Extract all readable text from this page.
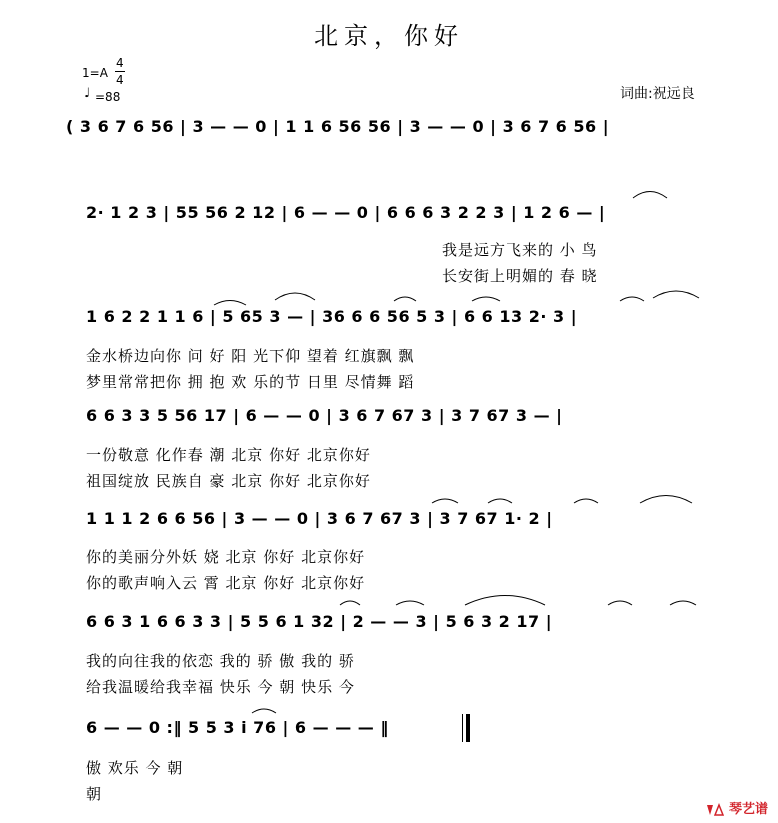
北京，你好
1=A
4
4
♩ =88	词曲:祝远良
( 3 6 7 6 56 | 3 — — 0 | 1 1 6 56 56 | 3 — — 0 | 3 6 7 6 56 |
2· 1 2 3 | 55 56 2 12 | 6 — — 0 | 6 6 6 3 2 2 3 | 1 2 6 — |
我是远方飞来的 小 鸟
长安街上明媚的 春 晓
1 6 2 2 1 1 6 | 5 65 3 — | 36 6 6 56 5 3 | 6 6 13 2· 3 |
金水桥边向你 问 好 阳 光下仰 望着 红旗飘 飘
梦里常常把你 拥 抱 欢 乐的节 日里 尽情舞 蹈
6 6 3 3 5 56 17 | 6 — — 0 | 3 6 7 67 3 | 3 7 67 3 — |
一份敬意 化作春 潮 北京 你好 北京你好
祖国绽放 民族自 豪 北京 你好 北京你好
1 1 1 2 6 6 56 | 3 — — 0 | 3 6 7 67 3 | 3 7 67 1· 2 |
你的美丽分外妖 娆 北京 你好 北京你好
你的歌声响入云 霄 北京 你好 北京你好
6 6 3 1 6 6 3 3 | 5 5 6 1 32 | 2 — — 3 | 5 6 3 2 17 |
我的向往我的依恋 我的 骄 傲 我的 骄
给我温暖给我幸福 快乐 今 朝 快乐 今
6 — — 0 :‖ 5 5 3 i 76 | 6 — — — ‖
傲 欢乐 今 朝
朝
琴艺谱
